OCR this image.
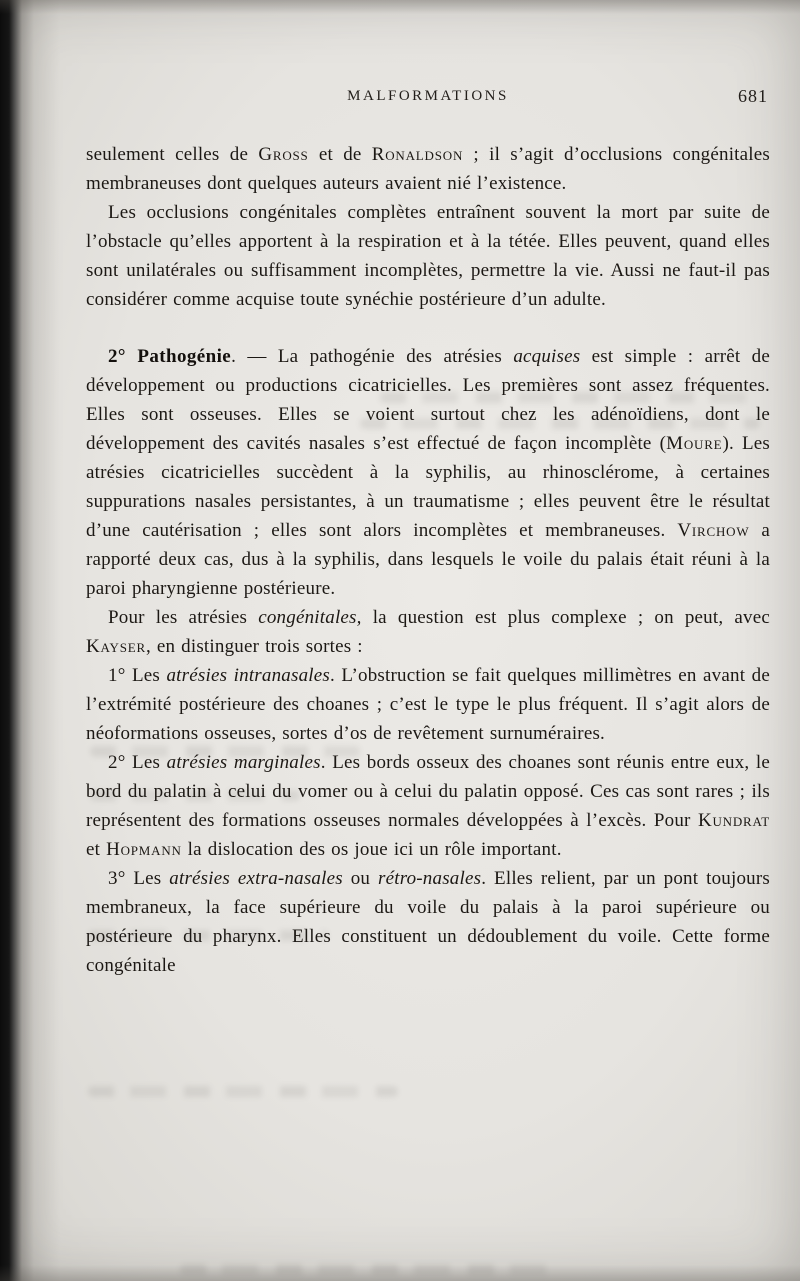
MALFORMATIONS	681

seulement celles de Gross et de Ronaldson ; il s’agit d’occlusions congénitales membraneuses dont quelques auteurs avaient nié l’existence.

Les occlusions congénitales complètes entraînent souvent la mort par suite de l’obstacle qu’elles apportent à la respiration et à la tétée. Elles peuvent, quand elles sont unilatérales ou suffisamment incomplètes, permettre la vie. Aussi ne faut-il pas considérer comme acquise toute synéchie postérieure d’un adulte.

2° Pathogénie. — La pathogénie des atrésies acquises est simple : arrêt de développement ou productions cicatricielles. Les premières sont assez fréquentes. Elles sont osseuses. Elles se voient surtout chez les adénoïdiens, dont le développement des cavités nasales s’est effectué de façon incomplète (Moure). Les atrésies cicatricielles succèdent à la syphilis, au rhinosclérome, à certaines suppurations nasales persistantes, à un traumatisme ; elles peuvent être le résultat d’une cautérisation ; elles sont alors incomplètes et membraneuses. Virchow a rapporté deux cas, dus à la syphilis, dans lesquels le voile du palais était réuni à la paroi pharyngienne postérieure.

Pour les atrésies congénitales, la question est plus complexe ; on peut, avec Kayser, en distinguer trois sortes :

1° Les atrésies intranasales. L’obstruction se fait quelques millimètres en avant de l’extrémité postérieure des choanes ; c’est le type le plus fréquent. Il s’agit alors de néoformations osseuses, sortes d’os de revêtement surnuméraires.

2° Les atrésies marginales. Les bords osseux des choanes sont réunis entre eux, le bord du palatin à celui du vomer ou à celui du palatin opposé. Ces cas sont rares ; ils représentent des formations osseuses normales développées à l’excès. Pour Kundrat et Hopmann la dislocation des os joue ici un rôle important.

3° Les atrésies extra-nasales ou rétro-nasales. Elles relient, par un pont toujours membraneux, la face supérieure du voile du palais à la paroi supérieure ou postérieure du pharynx. Elles constituent un dédoublement du voile. Cette forme congénitale
